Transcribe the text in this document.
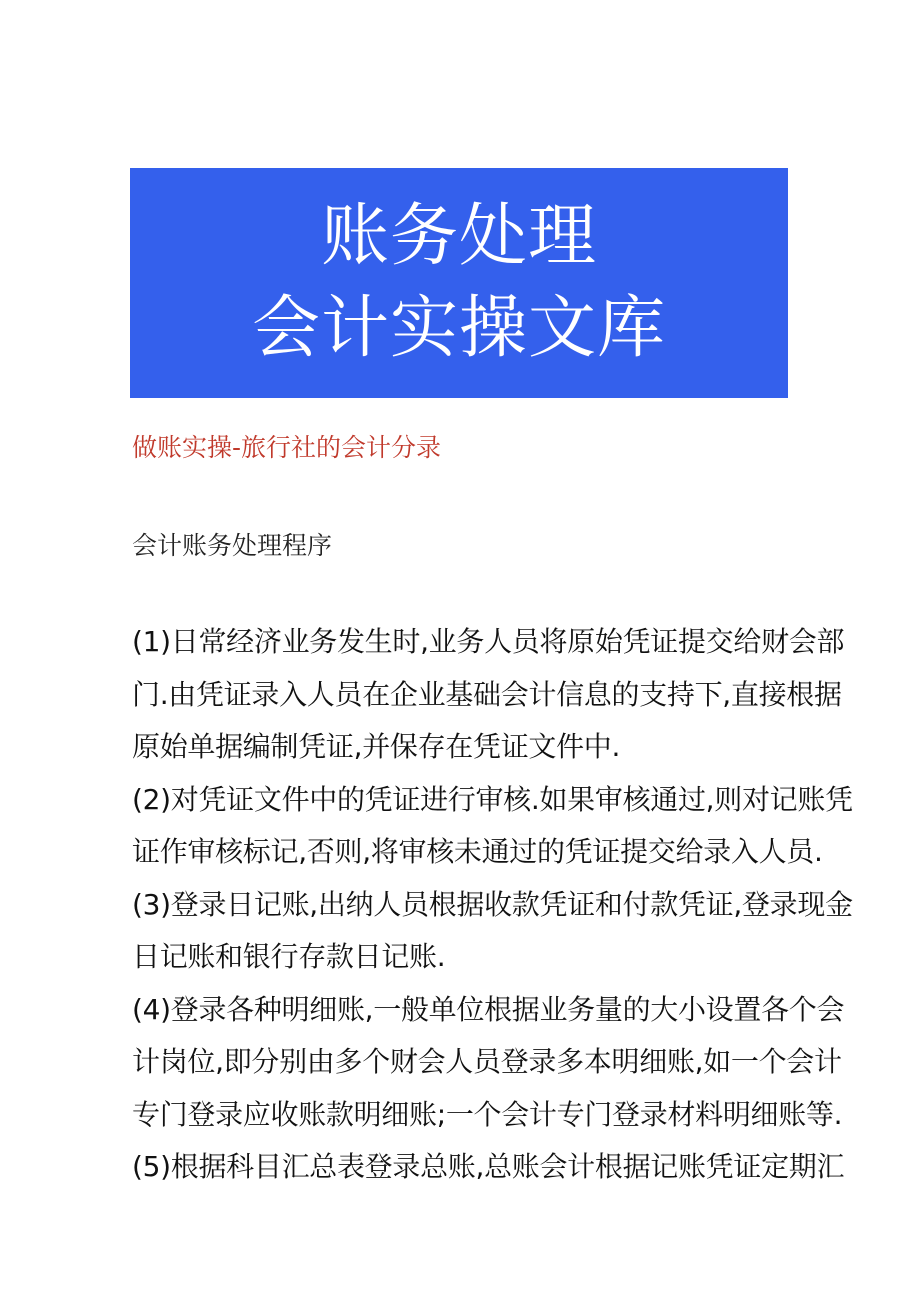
账务处理
会计实操文库
做账实操-旅行社的会计分录
会计账务处理程序
(1)日常经济业务发生时,业务人员将原始凭证提交给财会部
门.由凭证录入人员在企业基础会计信息的支持下,直接根据
原始单据编制凭证,并保存在凭证文件中.
(2)对凭证文件中的凭证进行审核.如果审核通过,则对记账凭
证作审核标记,否则,将审核未通过的凭证提交给录入人员.
(3)登录日记账,出纳人员根据收款凭证和付款凭证,登录现金
日记账和银行存款日记账.
(4)登录各种明细账,一般单位根据业务量的大小设置各个会
计岗位,即分别由多个财会人员登录多本明细账,如一个会计
专门登录应收账款明细账;一个会计专门登录材料明细账等.
(5)根据科目汇总表登录总账,总账会计根据记账凭证定期汇
